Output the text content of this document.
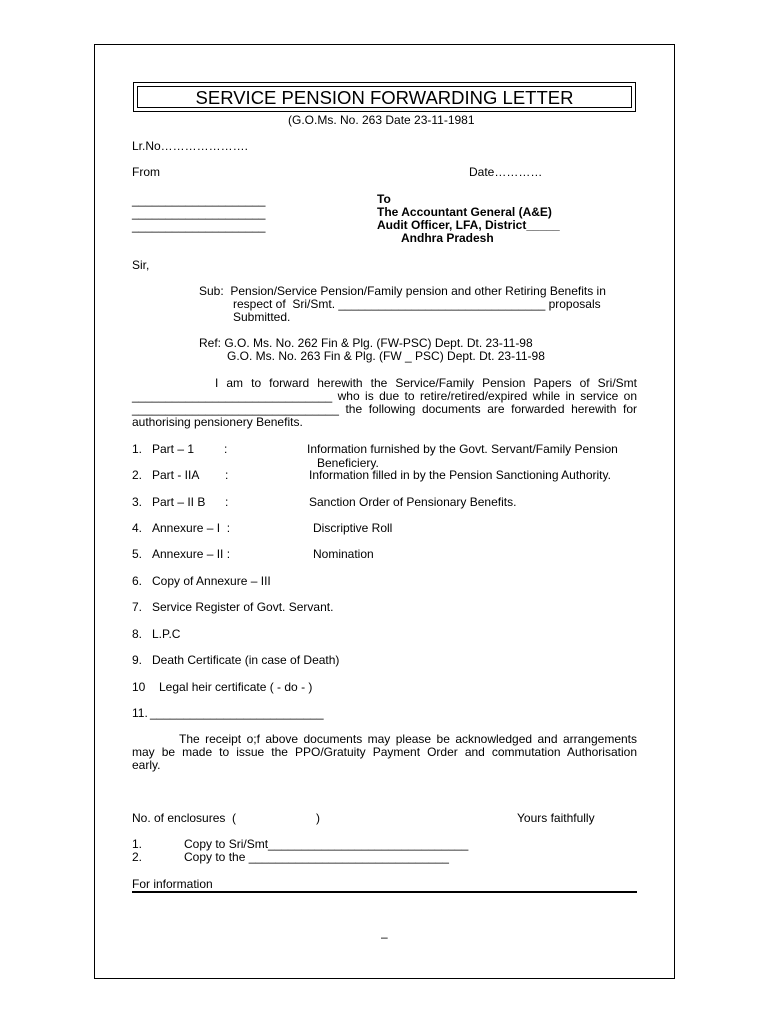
SERVICE PENSION FORWARDING LETTER
(G.O.Ms. No. 263 Date 23-11-1981
Lr.No………………….
From	Date…………
____________________
____________________
____________________
To
The Accountant General (A&E)
Audit Officer, LFA, District_____
Andhra Pradesh
Sir,
Sub:  Pension/Service Pension/Family pension and other Retiring Benefits in
respect of  Sri/Smt. _______________________________ proposals
Submitted.
Ref: G.O. Ms. No. 262 Fin & Plg. (FW-PSC) Dept. Dt. 23-11-98
G.O. Ms. No. 263 Fin & Plg. (FW _ PSC) Dept. Dt. 23-11-98
I am to forward herewith the Service/Family Pension Papers of Sri/Smt
______________________________ who is due to retire/retired/expired while in service on
_______________________________ the following documents are forwarded herewith for
authorising pensionery Benefits.
1. Part – 1 :	Information furnished by the Govt. Servant/Family Pension
Beneficiery.
2. Part - IIA :	Information filled in by the Pension Sanctioning Authority.
3. Part – II B :	Sanction Order of Pensionary Benefits.
4. Annexure – I  :	Discriptive Roll
5. Annexure – II :	Nomination
6. Copy of Annexure – III
7. Service Register of Govt. Servant.
8. L.P.C
9. Death Certificate (in case of Death)
10 Legal heir certificate ( - do - )
11. __________________________
The receipt o;f above documents may please be acknowledged and arrangements
may be made to issue the PPO/Gratuity Payment Order and commutation Authorisation
early.
No. of enclosures  (	)	Yours faithfully
1.	Copy to Sri/Smt______________________________
2.	Copy to the ______________________________
For information
–
